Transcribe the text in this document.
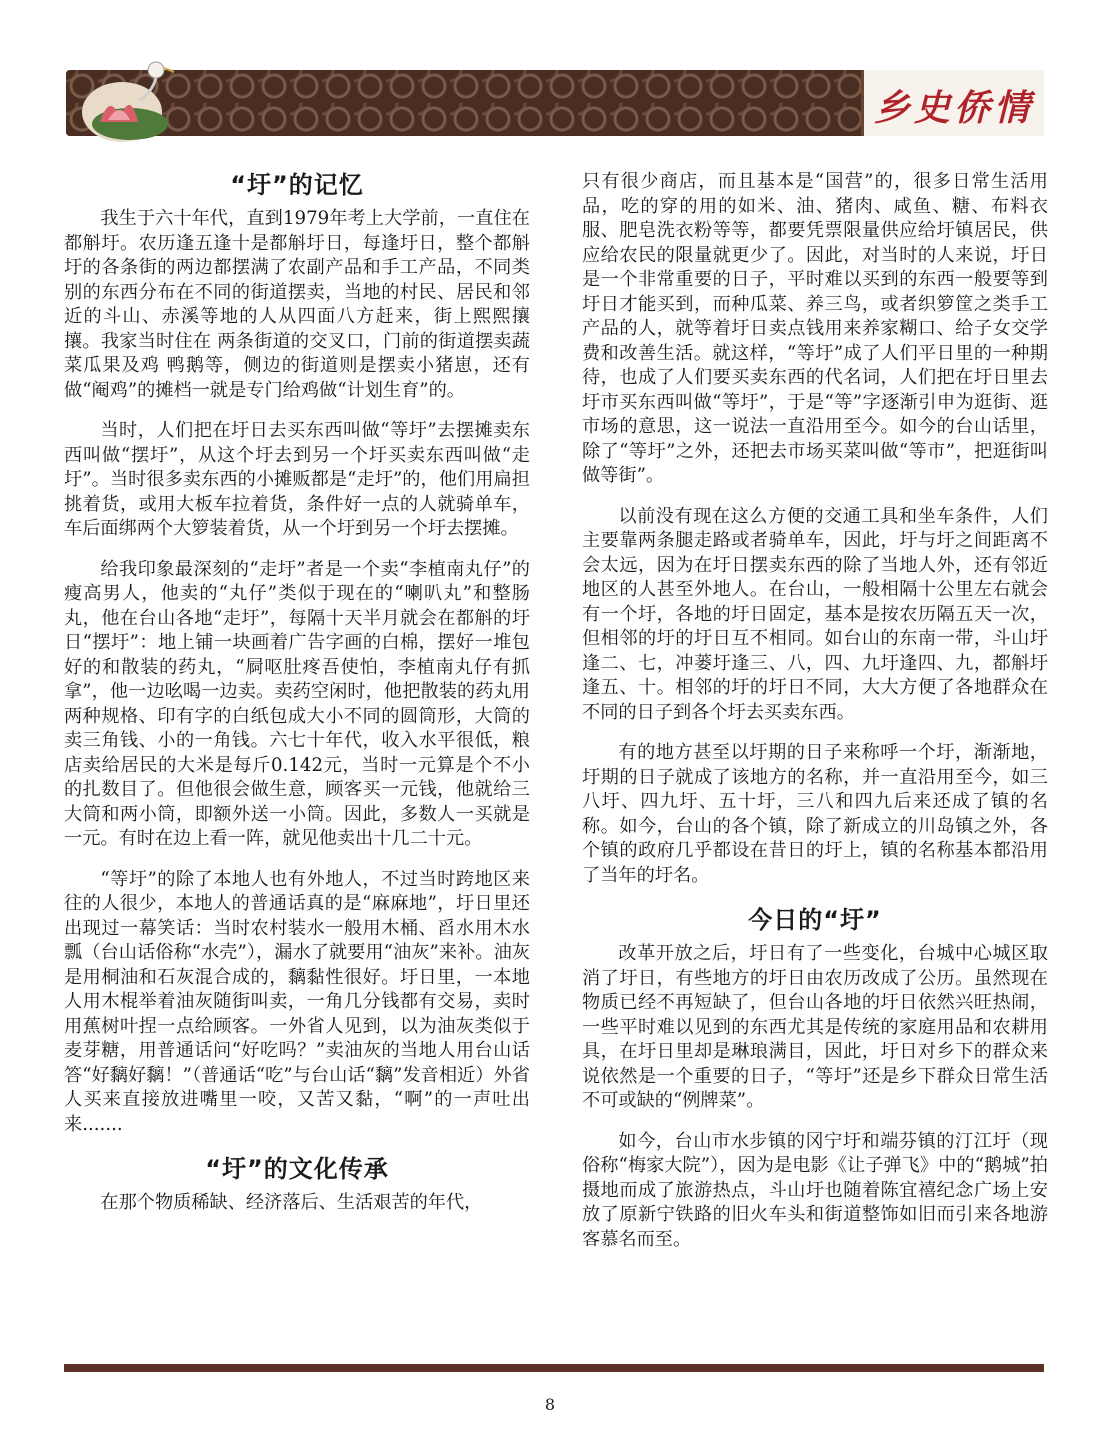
乡史侨情
“圩”的记忆

我生于六十年代，直到1979年考上大学前，一直住在都斛圩。农历逢五逢十是都斛圩日，每逢圩日，整个都斛圩的各条街的两边都摆满了农副产品和手工产品，不同类别的东西分布在不同的街道摆卖，当地的村民、居民和邻近的斗山、赤溪等地的人从四面八方赶来，街上熙熙攘攘。我家当时住在 两条街道的交叉口，门前的街道摆卖蔬菜瓜果及鸡 鸭鹅等，侧边的街道则是摆卖小猪崽，还有做“阉鸡”的摊档一就是专门给鸡做“计划生育”的。

当时，人们把在圩日去买东西叫做“等圩”去摆摊卖东西叫做“摆圩”，从这个圩去到另一个圩买卖东西叫做“走圩”。当时很多卖东西的小摊贩都是“走圩”的，他们用扁担挑着货，或用大板车拉着货，条件好一点的人就骑单车，车后面绑两个大箩装着货，从一个圩到另一个圩去摆摊。

给我印象最深刻的“走圩”者是一个卖“李植南丸仔”的瘦高男人，他卖的“丸仔”类似于现在的“喇叭丸”和整肠丸，他在台山各地“走圩”，每隔十天半月就会在都斛的圩日“摆圩”：地上铺一块画着广告字画的白棉，摆好一堆包好的和散装的药丸，“屙呕肚疼吾使怕，李植南丸仔有抓拿”，他一边吆喝一边卖。卖药空闲时，他把散装的药丸用两种规格、印有字的白纸包成大小不同的圆筒形，大筒的卖三角钱、小的一角钱。六七十年代，收入水平很低，粮店卖给居民的大米是每斤0.142元，当时一元算是个不小的扎数目了。但他很会做生意，顾客买一元钱，他就给三大筒和两小筒，即额外送一小筒。因此，多数人一买就是一元。有时在边上看一阵，就见他卖出十几二十元。

“等圩”的除了本地人也有外地人，不过当时跨地区来往的人很少，本地人的普通话真的是“麻麻地”，圩日里还出现过一幕笑话：当时农村装水一般用木桶、舀水用木水瓢（台山话俗称“水壳”），漏水了就要用“油灰”来补。油灰是用桐油和石灰混合成的，黐黏性很好。圩日里，一本地人用木棍举着油灰随街叫卖，一角几分钱都有交易，卖时用蕉树叶捏一点给顾客。一外省人见到，以为油灰类似于麦芽糖，用普通话问“好吃吗？”卖油灰的当地人用台山话答“好黐好黐！”（普通话“吃”与台山话“黐”发音相近）外省人买来直接放进嘴里一咬，又苦又黏，“啊”的一声吐出来.......

“圩”的文化传承

在那个物质稀缺、经济落后、生活艰苦的年代，

只有很少商店，而且基本是“国营”的，很多日常生活用品，吃的穿的用的如米、油、猪肉、咸鱼、糖、布料衣服、肥皂洗衣粉等等，都要凭票限量供应给圩镇居民，供应给农民的限量就更少了。因此，对当时的人来说，圩日是一个非常重要的日子，平时难以买到的东西一般要等到圩日才能买到，而种瓜菜、养三鸟，或者织箩筐之类手工产品的人，就等着圩日卖点钱用来养家糊口、给子女交学费和改善生活。就这样，“等圩”成了人们平日里的一种期待，也成了人们要买卖东西的代名词，人们把在圩日里去圩市买东西叫做“等圩”，于是“等”字逐渐引申为逛街、逛市场的意思，这一说法一直沿用至今。如今的台山话里，除了“等圩”之外，还把去市场买菜叫做“等市”，把逛街叫做等街”。

以前没有现在这么方便的交通工具和坐车条件，人们主要靠两条腿走路或者骑单车，因此，圩与圩之间距离不会太远，因为在圩日摆卖东西的除了当地人外，还有邻近地区的人甚至外地人。在台山，一般相隔十公里左右就会有一个圩，各地的圩日固定，基本是按农历隔五天一次，但相邻的圩的圩日互不相同。如台山的东南一带，斗山圩逢二、七，冲蒌圩逢三、八，四、九圩逢四、九，都斛圩逢五、十。相邻的圩的圩日不同，大大方便了各地群众在不同的日子到各个圩去买卖东西。

有的地方甚至以圩期的日子来称呼一个圩，渐渐地，圩期的日子就成了该地方的名称，并一直沿用至今，如三八圩、四九圩、五十圩，三八和四九后来还成了镇的名称。如今，台山的各个镇，除了新成立的川岛镇之外，各个镇的政府几乎都设在昔日的圩上，镇的名称基本都沿用了当年的圩名。

今日的“圩”

改革开放之后，圩日有了一些变化，台城中心城区取消了圩日，有些地方的圩日由农历改成了公历。虽然现在物质已经不再短缺了，但台山各地的圩日依然兴旺热闹，一些平时难以见到的东西尤其是传统的家庭用品和农耕用具，在圩日里却是琳琅满目，因此，圩日对乡下的群众来说依然是一个重要的日子，“等圩”还是乡下群众日常生活不可或缺的“例牌菜”。

如今，台山市水步镇的冈宁圩和端芬镇的汀江圩（现俗称“梅家大院”），因为是电影《让子弹飞》中的“鹅城”拍摄地而成了旅游热点，斗山圩也随着陈宜禧纪念广场上安放了原新宁铁路的旧火车头和街道整饰如旧而引来各地游客慕名而至。

8
